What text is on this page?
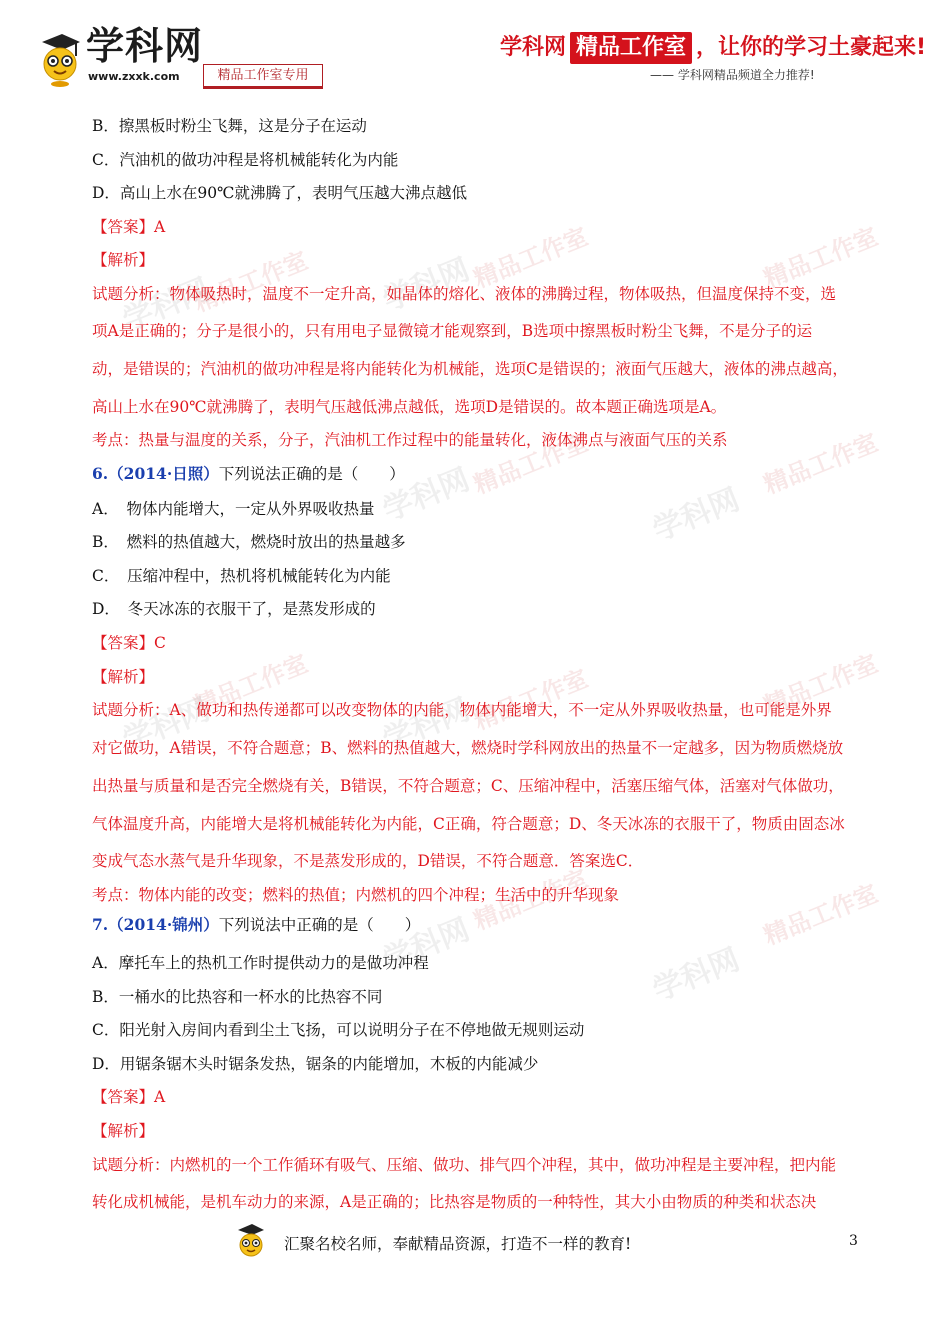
学科网
www.zxxk.com	精品工作室专用
学科网 精品工作室 ，让你的学习土豪起来!
—— 学科网精品频道全力推荐!
精品工作室	精品工作室	精品工作室
精品工作室	精品工作室
精品工作室	精品工作室	精品工作室
精品工作室	精品工作室
学科网	学科网
学科网
学科网
学科网	学科网
学科网
学科网
B．擦黑板时粉尘飞舞，这是分子在运动
C．汽油机的做功冲程是将机械能转化为内能
D．高山上水在90℃就沸腾了，表明气压越大沸点越低
【答案】A
【解析】
试题分析：物体吸热时，温度不一定升高，如晶体的熔化、液体的沸腾过程，物体吸热，但温度保持不变，选
项A是正确的；分子是很小的，只有用电子显微镜才能观察到，B选项中擦黑板时粉尘飞舞，不是分子的运
动，是错误的；汽油机的做功冲程是将内能转化为机械能，选项C是错误的；液面气压越大，液体的沸点越高，
高山上水在90℃就沸腾了，表明气压越低沸点越低，选项D是错误的。故本题正确选项是A。
考点：热量与温度的关系，分子，汽油机工作过程中的能量转化，液体沸点与液面气压的关系
6.（2014·日照）下列说法正确的是（　　）
A．　物体内能增大，一定从外界吸收热量
B．　燃料的热值越大，燃烧时放出的热量越多
C．　压缩冲程中，热机将机械能转化为内能
D．　冬天冰冻的衣服干了，是蒸发形成的
【答案】C
【解析】
试题分析：A、做功和热传递都可以改变物体的内能，物体内能增大，不一定从外界吸收热量，也可能是外界
对它做功，A错误，不符合题意；B、燃料的热值越大，燃烧时学科网放出的热量不一定越多，因为物质燃烧放
出热量与质量和是否完全燃烧有关，B错误，不符合题意；C、压缩冲程中，活塞压缩气体，活塞对气体做功，
气体温度升高，内能增大是将机械能转化为内能，C正确，符合题意；D、冬天冰冻的衣服干了，物质由固态冰
变成气态水蒸气是升华现象，不是蒸发形成的，D错误，不符合题意．答案选C．
考点：物体内能的改变；燃料的热值；内燃机的四个冲程；生活中的升华现象
7.（2014·锦州）下列说法中正确的是（　　）
A．摩托车上的热机工作时提供动力的是做功冲程
B．一桶水的比热容和一杯水的比热容不同
C．阳光射入房间内看到尘土飞扬，可以说明分子在不停地做无规则运动
D．用锯条锯木头时锯条发热，锯条的内能增加，木板的内能减少
【答案】A
【解析】
试题分析：内燃机的一个工作循环有吸气、压缩、做功、排气四个冲程，其中，做功冲程是主要冲程，把内能
转化成机械能，是机车动力的来源，A是正确的；比热容是物质的一种特性，其大小由物质的种类和状态决
汇聚名校名师，奉献精品资源，打造不一样的教育!	3
